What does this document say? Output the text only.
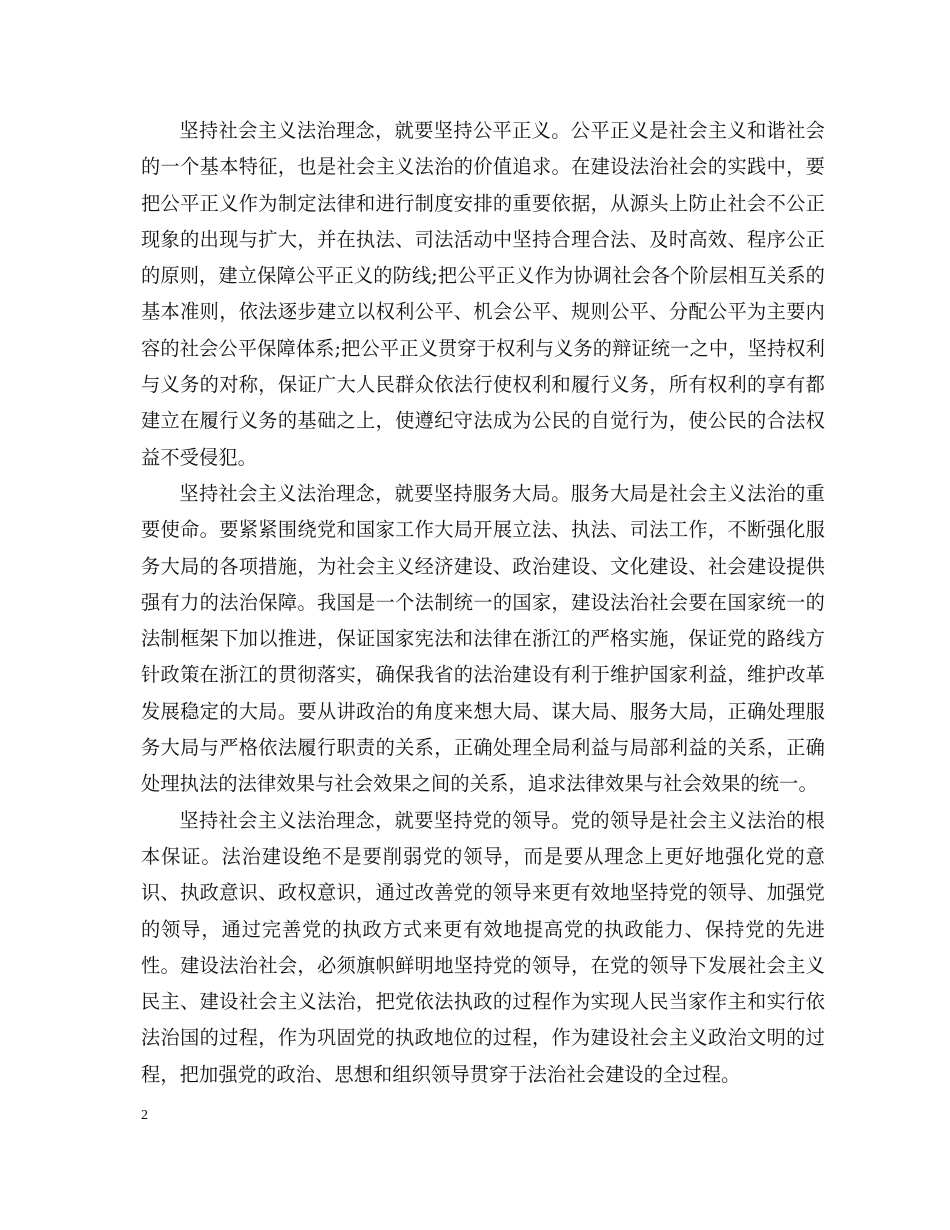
坚持社会主义法治理念，就要坚持公平正义。公平正义是社会主义和谐社会的一个基本特征，也是社会主义法治的价值追求。在建设法治社会的实践中，要把公平正义作为制定法律和进行制度安排的重要依据，从源头上防止社会不公正现象的出现与扩大，并在执法、司法活动中坚持合理合法、及时高效、程序公正的原则，建立保障公平正义的防线;把公平正义作为协调社会各个阶层相互关系的基本准则，依法逐步建立以权利公平、机会公平、规则公平、分配公平为主要内容的社会公平保障体系;把公平正义贯穿于权利与义务的辩证统一之中，坚持权利与义务的对称，保证广大人民群众依法行使权利和履行义务，所有权利的享有都建立在履行义务的基础之上，使遵纪守法成为公民的自觉行为，使公民的合法权益不受侵犯。

坚持社会主义法治理念，就要坚持服务大局。服务大局是社会主义法治的重要使命。要紧紧围绕党和国家工作大局开展立法、执法、司法工作，不断强化服务大局的各项措施，为社会主义经济建设、政治建设、文化建设、社会建设提供强有力的法治保障。我国是一个法制统一的国家，建设法治社会要在国家统一的法制框架下加以推进，保证国家宪法和法律在浙江的严格实施，保证党的路线方针政策在浙江的贯彻落实，确保我省的法治建设有利于维护国家利益，维护改革发展稳定的大局。要从讲政治的角度来想大局、谋大局、服务大局，正确处理服务大局与严格依法履行职责的关系，正确处理全局利益与局部利益的关系，正确处理执法的法律效果与社会效果之间的关系，追求法律效果与社会效果的统一。

坚持社会主义法治理念，就要坚持党的领导。党的领导是社会主义法治的根本保证。法治建设绝不是要削弱党的领导，而是要从理念上更好地强化党的意识、执政意识、政权意识，通过改善党的领导来更有效地坚持党的领导、加强党的领导，通过完善党的执政方式来更有效地提高党的执政能力、保持党的先进性。建设法治社会，必须旗帜鲜明地坚持党的领导，在党的领导下发展社会主义民主、建设社会主义法治，把党依法执政的过程作为实现人民当家作主和实行依法治国的过程，作为巩固党的执政地位的过程，作为建设社会主义政治文明的过程，把加强党的政治、思想和组织领导贯穿于法治社会建设的全过程。

2
